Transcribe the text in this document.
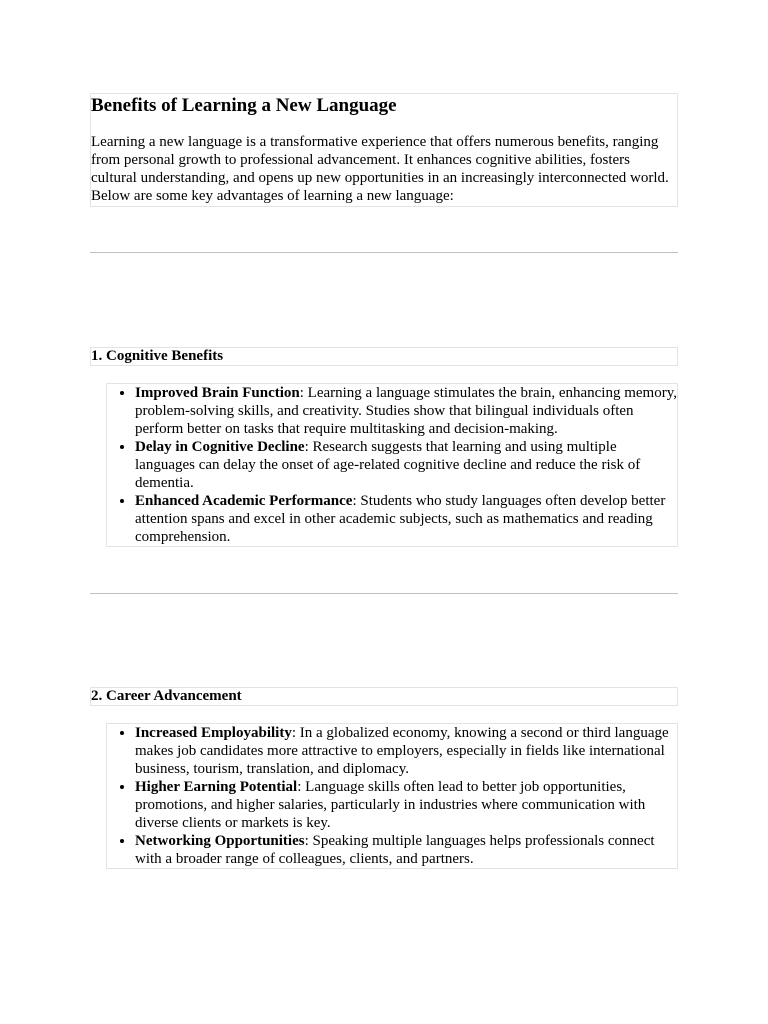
Benefits of Learning a New Language

Learning a new language is a transformative experience that offers numerous benefits, ranging from personal growth to professional advancement. It enhances cognitive abilities, fosters cultural understanding, and opens up new opportunities in an increasingly interconnected world. Below are some key advantages of learning a new language:

1. Cognitive Benefits
• Improved Brain Function: Learning a language stimulates the brain, enhancing memory, problem-solving skills, and creativity. Studies show that bilingual individuals often perform better on tasks that require multitasking and decision-making.
• Delay in Cognitive Decline: Research suggests that learning and using multiple languages can delay the onset of age-related cognitive decline and reduce the risk of dementia.
• Enhanced Academic Performance: Students who study languages often develop better attention spans and excel in other academic subjects, such as mathematics and reading comprehension.
2. Career Advancement
• Increased Employability: In a globalized economy, knowing a second or third language makes job candidates more attractive to employers, especially in fields like international business, tourism, translation, and diplomacy.
• Higher Earning Potential: Language skills often lead to better job opportunities, promotions, and higher salaries, particularly in industries where communication with diverse clients or markets is key.
• Networking Opportunities: Speaking multiple languages helps professionals connect with a broader range of colleagues, clients, and partners.
